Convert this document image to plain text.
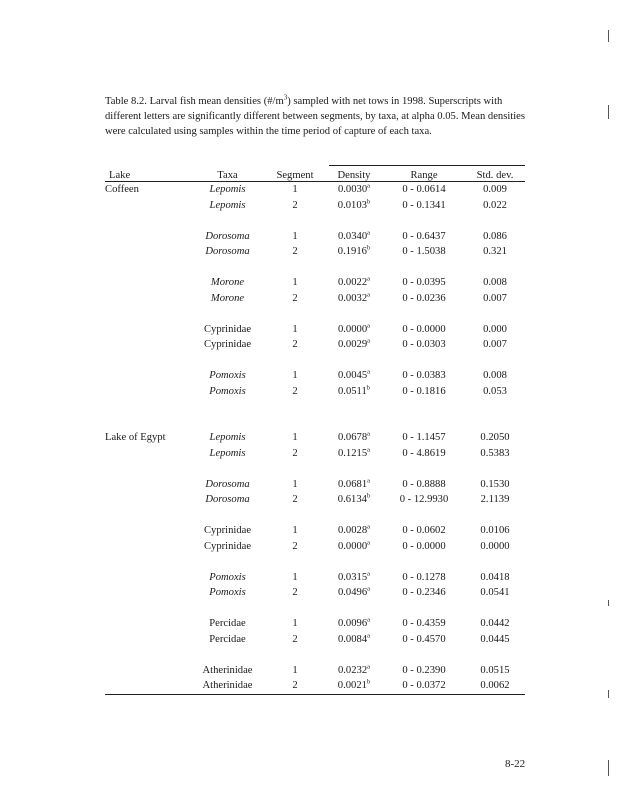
Table 8.2. Larval fish mean densities $(\#/m^3)$ sampled with net tows in 1998. Superscripts with different letters are significantly different between segments, by taxa, at alpha 0.05. Mean densities were calculated using samples within the time period of capture of each taxa.

Lake	Taxa	Segment	Density	Range	Std. dev.
Coffeen	Lepomis	1	0.0030$^a$	0 - 0.0614	0.009
	Lepomis	2	0.0103$^b$	0 - 0.1341	0.022

	Dorosoma	1	0.0340$^a$	0 - 0.6437	0.086
	Dorosoma	2	0.1916$^b$	0 - 1.5038	0.321

	Morone	1	0.0022$^a$	0 - 0.0395	0.008
	Morone	2	0.0032$^a$	0 - 0.0236	0.007

	Cyprinidae	1	0.0000$^a$	0 - 0.0000	0.000
	Cyprinidae	2	0.0029$^a$	0 - 0.0303	0.007

	Pomoxis	1	0.0045$^a$	0 - 0.0383	0.008
	Pomoxis	2	0.0511$^b$	0 - 0.1816	0.053

Lake of Egypt	Lepomis	1	0.0678$^a$	0 - 1.1457	0.2050
	Lepomis	2	0.1215$^a$	0 - 4.8619	0.5383

	Dorosoma	1	0.0681$^a$	0 - 0.8888	0.1530
	Dorosoma	2	0.6134$^b$	0 - 12.9930	2.1139

	Cyprinidae	1	0.0028$^a$	0 - 0.0602	0.0106
	Cyprinidae	2	0.0000$^a$	0 - 0.0000	0.0000

	Pomoxis	1	0.0315$^a$	0 - 0.1278	0.0418
	Pomoxis	2	0.0496$^a$	0 - 0.2346	0.0541

	Percidae	1	0.0096$^a$	0 - 0.4359	0.0442
	Percidae	2	0.0084$^a$	0 - 0.4570	0.0445

	Atherinidae	1	0.0232$^a$	0 - 0.2390	0.0515
	Atherinidae	2	0.0021$^b$	0 - 0.0372	0.0062
8-22
